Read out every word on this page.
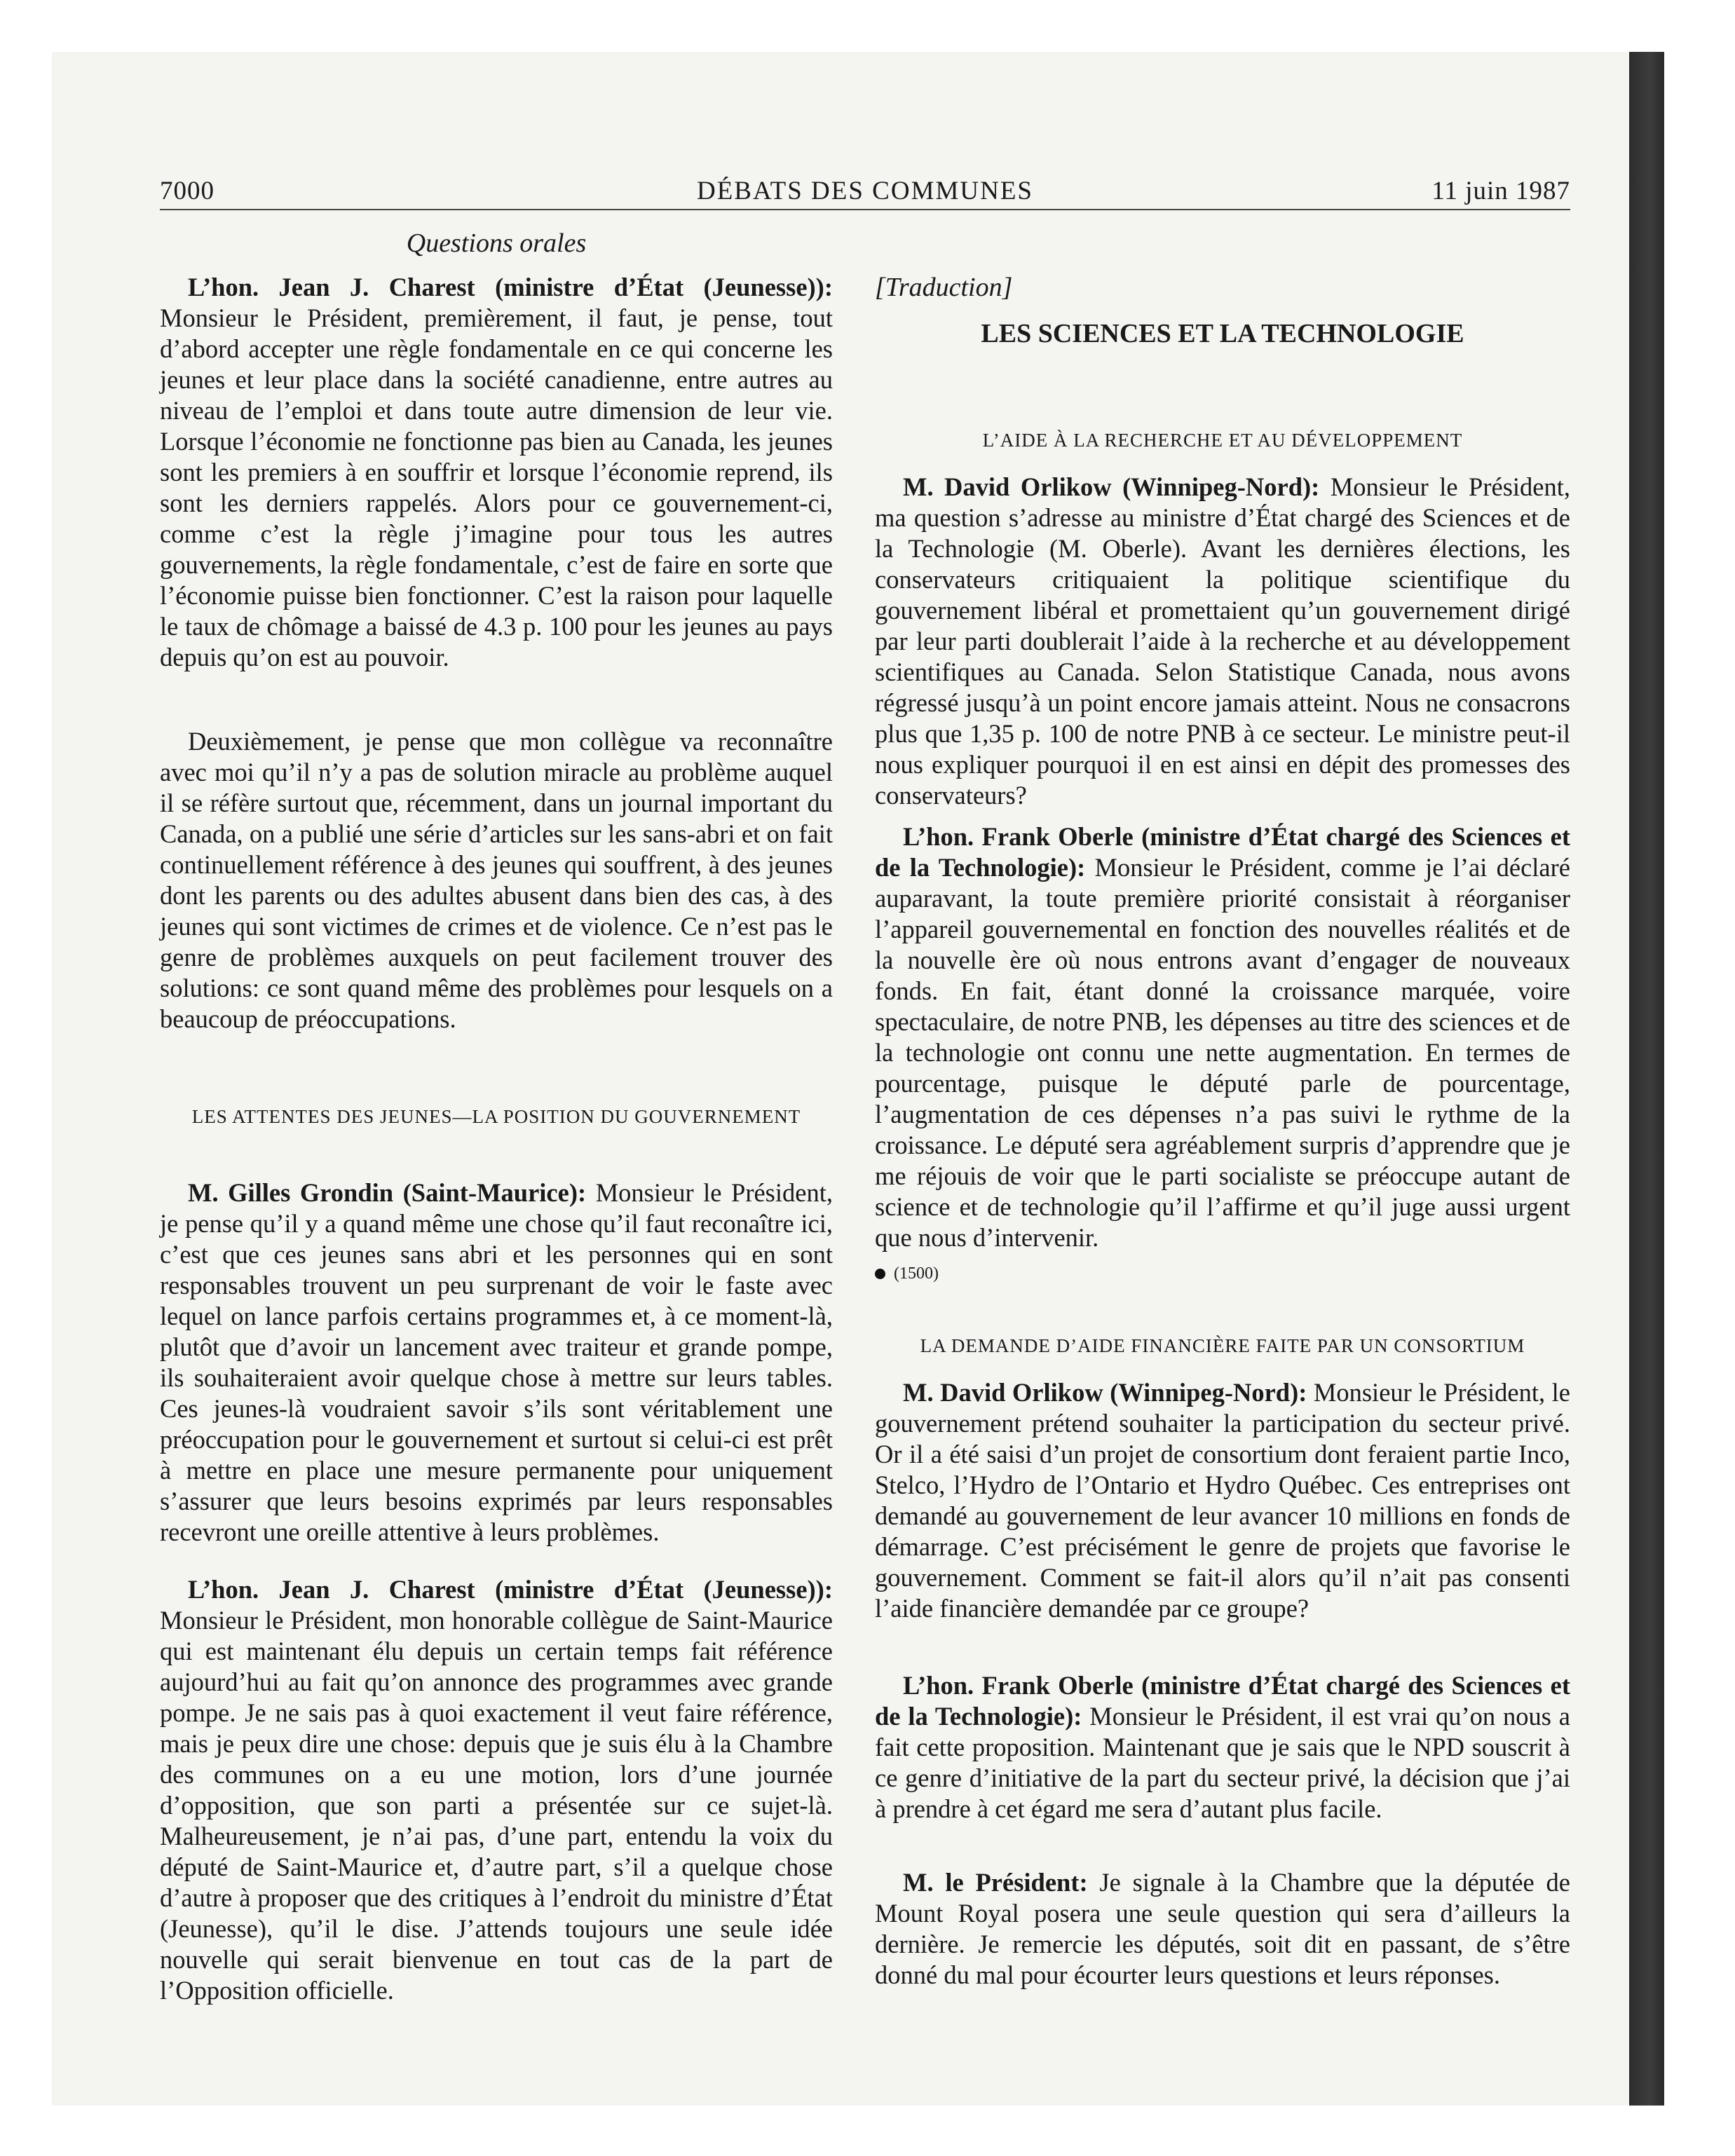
7000	DÉBATS DES COMMUNES	11 juin 1987
Questions orales

L’hon. Jean J. Charest (ministre d’État (Jeunesse)): Monsieur le Président, premièrement, il faut, je pense, tout d’abord accepter une règle fondamentale en ce qui concerne les jeunes et leur place dans la société canadienne, entre autres au niveau de l’emploi et dans toute autre dimension de leur vie. Lorsque l’économie ne fonctionne pas bien au Canada, les jeunes sont les premiers à en souffrir et lorsque l’économie reprend, ils sont les derniers rappelés. Alors pour ce gouvernement-ci, comme c’est la règle j’imagine pour tous les autres gouvernements, la règle fondamentale, c’est de faire en sorte que l’économie puisse bien fonctionner. C’est la raison pour laquelle le taux de chômage a baissé de 4.3 p. 100 pour les jeunes au pays depuis qu’on est au pouvoir.

Deuxièmement, je pense que mon collègue va reconnaître avec moi qu’il n’y a pas de solution miracle au problème auquel il se réfère surtout que, récemment, dans un journal important du Canada, on a publié une série d’articles sur les sans-abri et on fait continuellement référence à des jeunes qui souffrent, à des jeunes dont les parents ou des adultes abusent dans bien des cas, à des jeunes qui sont victimes de crimes et de violence. Ce n’est pas le genre de problèmes auxquels on peut facilement trouver des solutions: ce sont quand même des problèmes pour lesquels on a beaucoup de préoccupations.

LES ATTENTES DES JEUNES—LA POSITION DU GOUVERNEMENT

M. Gilles Grondin (Saint-Maurice): Monsieur le Président, je pense qu’il y a quand même une chose qu’il faut reconaître ici, c’est que ces jeunes sans abri et les personnes qui en sont responsables trouvent un peu surprenant de voir le faste avec lequel on lance parfois certains programmes et, à ce moment-là, plutôt que d’avoir un lancement avec traiteur et grande pompe, ils souhaiteraient avoir quelque chose à mettre sur leurs tables. Ces jeunes-là voudraient savoir s’ils sont véritablement une préoccupation pour le gouvernement et surtout si celui-ci est prêt à mettre en place une mesure permanente pour uniquement s’assurer que leurs besoins exprimés par leurs responsables recevront une oreille attentive à leurs problèmes.

L’hon. Jean J. Charest (ministre d’État (Jeunesse)): Monsieur le Président, mon honorable collègue de Saint-Maurice qui est maintenant élu depuis un certain temps fait référence aujourd’hui au fait qu’on annonce des programmes avec grande pompe. Je ne sais pas à quoi exactement il veut faire référence, mais je peux dire une chose: depuis que je suis élu à la Chambre des communes on a eu une motion, lors d’une journée d’opposition, que son parti a présentée sur ce sujet-là. Malheureusement, je n’ai pas, d’une part, entendu la voix du député de Saint-Maurice et, d’autre part, s’il a quelque chose d’autre à proposer que des critiques à l’endroit du ministre d’État (Jeunesse), qu’il le dise. J’attends toujours une seule idée nouvelle qui serait bienvenue en tout cas de la part de l’Opposition officielle.

[Traduction]
LES SCIENCES ET LA TECHNOLOGIE
L’AIDE À LA RECHERCHE ET AU DÉVELOPPEMENT

M. David Orlikow (Winnipeg-Nord): Monsieur le Président, ma question s’adresse au ministre d’État chargé des Sciences et de la Technologie (M. Oberle). Avant les dernières élections, les conservateurs critiquaient la politique scientifique du gouvernement libéral et promettaient qu’un gouvernement dirigé par leur parti doublerait l’aide à la recherche et au développement scientifiques au Canada. Selon Statistique Canada, nous avons régressé jusqu’à un point encore jamais atteint. Nous ne consacrons plus que 1,35 p. 100 de notre PNB à ce secteur. Le ministre peut-il nous expliquer pourquoi il en est ainsi en dépit des promesses des conservateurs?

L’hon. Frank Oberle (ministre d’État chargé des Sciences et de la Technologie): Monsieur le Président, comme je l’ai déclaré auparavant, la toute première priorité consistait à réorganiser l’appareil gouvernemental en fonction des nouvelles réalités et de la nouvelle ère où nous entrons avant d’engager de nouveaux fonds. En fait, étant donné la croissance marquée, voire spectaculaire, de notre PNB, les dépenses au titre des sciences et de la technologie ont connu une nette augmentation. En termes de pourcentage, puisque le député parle de pourcentage, l’augmentation de ces dépenses n’a pas suivi le rythme de la croissance. Le député sera agréablement surpris d’apprendre que je me réjouis de voir que le parti socialiste se préoccupe autant de science et de technologie qu’il l’affirme et qu’il juge aussi urgent que nous d’intervenir.

(1500)
LA DEMANDE D’AIDE FINANCIÈRE FAITE PAR UN CONSORTIUM

M. David Orlikow (Winnipeg-Nord): Monsieur le Président, le gouvernement prétend souhaiter la participation du secteur privé. Or il a été saisi d’un projet de consortium dont feraient partie Inco, Stelco, l’Hydro de l’Ontario et Hydro Québec. Ces entreprises ont demandé au gouvernement de leur avancer 10 millions en fonds de démarrage. C’est précisément le genre de projets que favorise le gouvernement. Comment se fait-il alors qu’il n’ait pas consenti l’aide financière demandée par ce groupe?

L’hon. Frank Oberle (ministre d’État chargé des Sciences et de la Technologie): Monsieur le Président, il est vrai qu’on nous a fait cette proposition. Maintenant que je sais que le NPD souscrit à ce genre d’initiative de la part du secteur privé, la décision que j’ai à prendre à cet égard me sera d’autant plus facile.

M. le Président: Je signale à la Chambre que la députée de Mount Royal posera une seule question qui sera d’ailleurs la dernière. Je remercie les députés, soit dit en passant, de s’être donné du mal pour écourter leurs questions et leurs réponses.
